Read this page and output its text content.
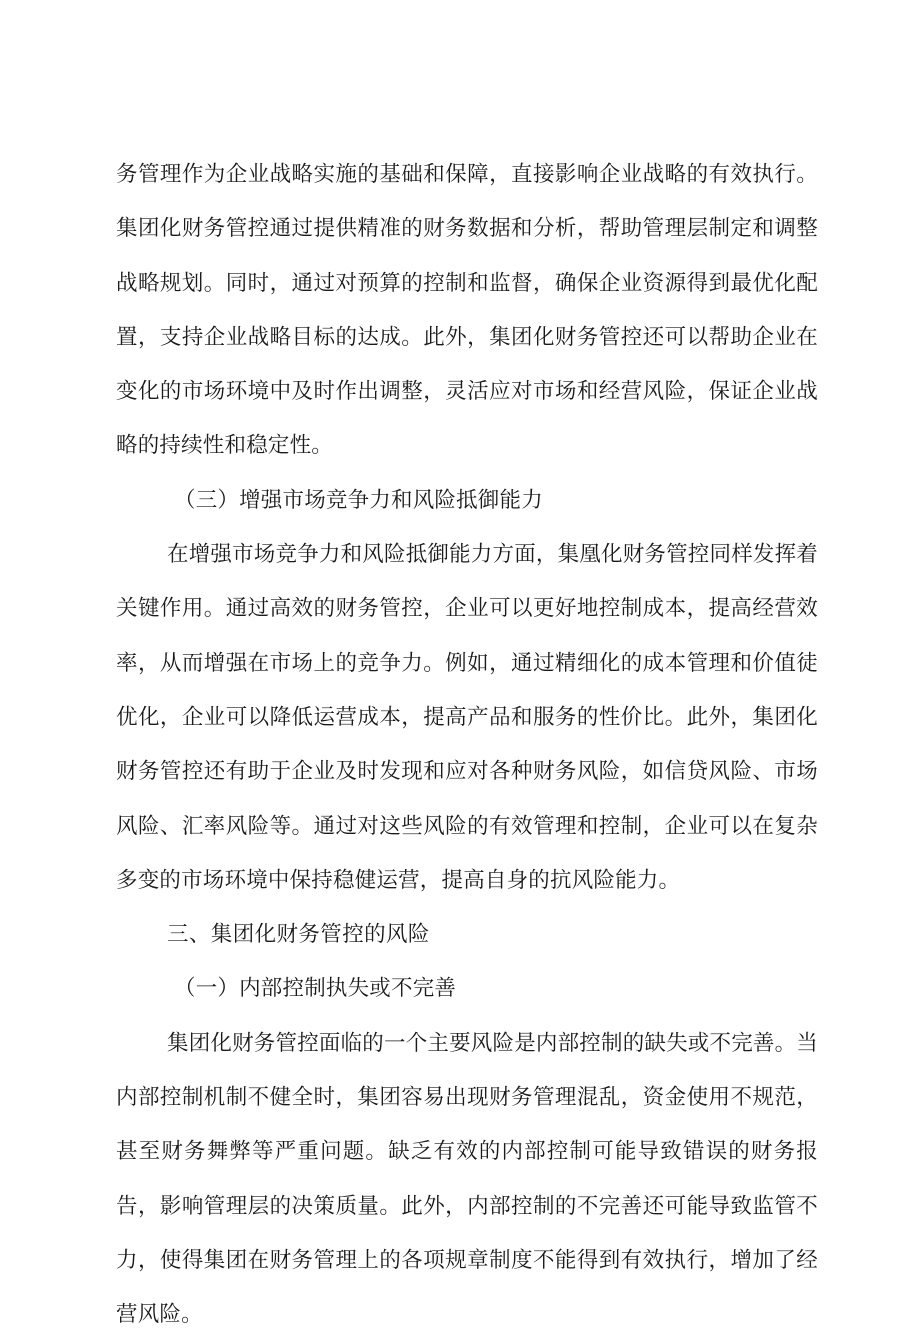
务管理作为企业战略实施的基础和保障，直接影响企业战略的有效执行。集团化财务管控通过提供精准的财务数据和分析，帮助管理层制定和调整战略规划。同时，通过对预算的控制和监督，确保企业资源得到最优化配置，支持企业战略目标的达成。此外，集团化财务管控还可以帮助企业在变化的市场环境中及时作出调整，灵活应对市场和经营风险，保证企业战略的持续性和稳定性。

（三）增强市场竞争力和风险抵御能力

在增强市场竞争力和风险抵御能力方面，集凰化财务管控同样发挥着关键作用。通过高效的财务管控，企业可以更好地控制成本，提高经营效率，从而增强在市场上的竞争力。例如，通过精细化的成本管理和价值徒优化，企业可以降低运营成本，提高产品和服务的性价比。此外，集团化财务管控还有助于企业及时发现和应对各种财务风险，如信贷风险、市场风险、汇率风险等。通过对这些风险的有效管理和控制，企业可以在复杂多变的市场环境中保持稳健运营，提高自身的抗风险能力。

三、集团化财务管控的风险

（一）内部控制执失或不完善

集团化财务管控面临的一个主要风险是内部控制的缺失或不完善。当内部控制机制不健全时，集团容易出现财务管理混乱，资金使用不规范，甚至财务舞弊等严重问题。缺乏有效的内部控制可能导致错误的财务报告，影响管理层的决策质量。此外，内部控制的不完善还可能导致监管不力，使得集团在财务管理上的各项规章制度不能得到有效执行，增加了经营风险。
